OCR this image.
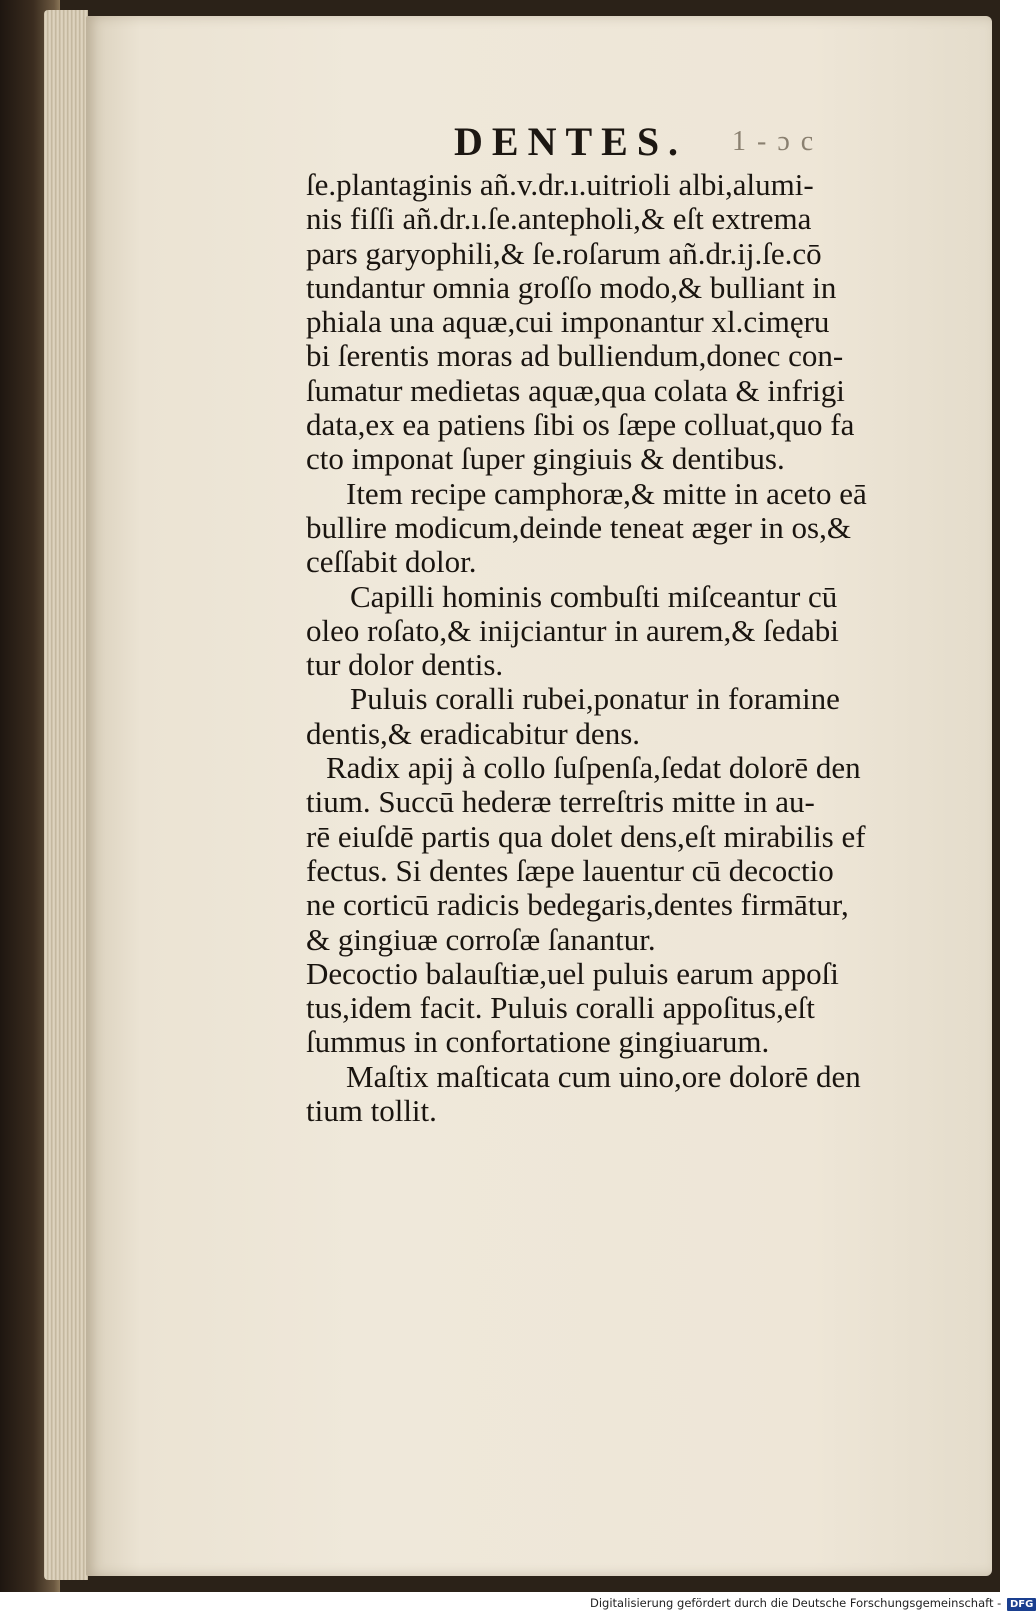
DENTES. 1 - ɔ c
ſe.plantaginis añ.v.dr.ı.uitrioli albi,alumi-
nis fiſſi añ.dr.ı.ſe.antepholi,& eſt extrema
pars garyophili,& ſe.roſarum añ.dr.ij.ſe.cō
tundantur omnia groſſo modo,& bulliant in
phiala una aquæ,cui imponantur xl.cimęru
bi ſerentis moras ad bulliendum,donec con-
ſumatur medietas aquæ,qua colata & infrigi
data,ex ea patiens ſibi os ſæpe colluat,quo fa
cto imponat ſuper gingiuis & dentibus.
Item recipe camphoræ,& mitte in aceto eā
bullire modicum,deinde teneat æger in os,&
ceſſabit dolor.
Capilli hominis combuſti miſceantur cū
oleo roſato,& inijciantur in aurem,& ſedabi
tur dolor dentis.
Puluis coralli rubei,ponatur in foramine
dentis,& eradicabitur dens.
Radix apij à collo ſuſpenſa,ſedat dolorē den
tium. Succū hederæ terreſtris mitte in au-
rē eiuſdē partis qua dolet dens,eſt mirabilis ef
fectus. Si dentes ſæpe lauentur cū decoctio
ne corticū radicis bedegaris,dentes firmātur,
& gingiuæ corroſæ ſanantur.
Decoctio balauſtiæ,uel puluis earum appoſi
tus,idem facit. Puluis coralli appoſitus,eſt
ſummus in confortatione gingiuarum.
Maſtix maſticata cum uino,ore dolorē den
tium tollit.
Digitalisierung gefördert durch die Deutsche Forschungsgemeinschaft - DFG
